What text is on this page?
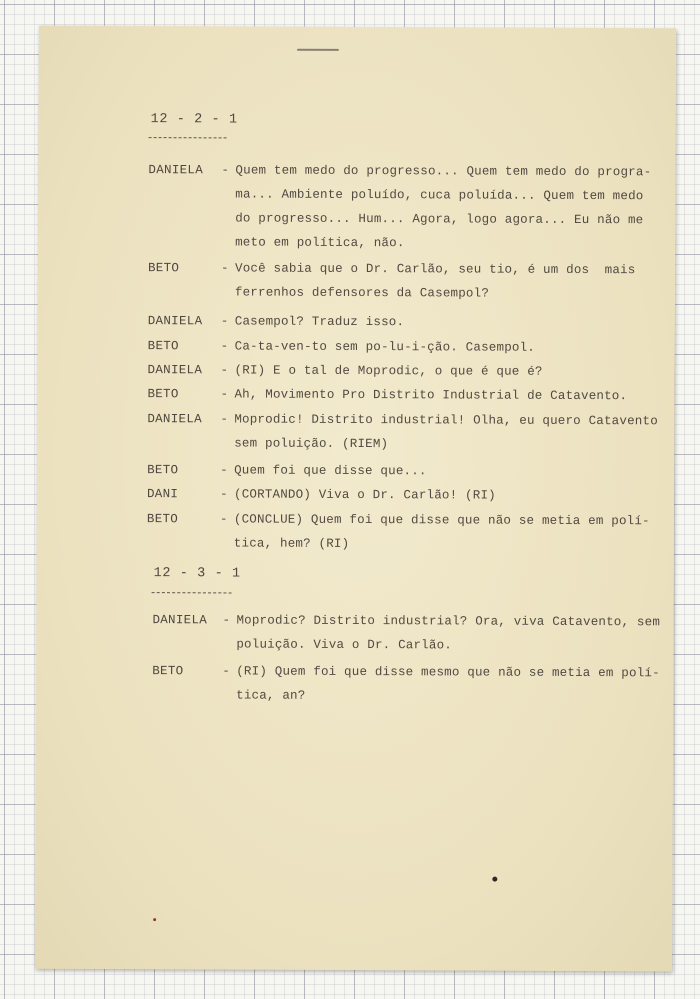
12 - 2 - 1
DANIELA - Quem tem medo do progresso... Quem tem medo do progra-
ma... Ambiente poluído, cuca poluída... Quem tem medo
do progresso... Hum... Agora, logo agora... Eu não me
meto em política, não.
BETO	- Você sabia que o Dr. Carlão, seu tio, é um dos  mais
ferrenhos defensores da Casempol?
DANIELA - Casempol? Traduz isso.
BETO	- Ca-ta-ven-to sem po-lu-i-ção. Casempol.
DANIELA - (RI) E o tal de Moprodic, o que é que é?
BETO	- Ah, Movimento Pro Distrito Industrial de Catavento.
DANIELA - Moprodic! Distrito industrial! Olha, eu quero Catavento
sem poluição. (RIEM)
BETO	- Quem foi que disse que...
DANI	- (CORTANDO) Viva o Dr. Carlão! (RI)
BETO	- (CONCLUE) Quem foi que disse que não se metia em polí-
tica, hem? (RI)
12 - 3 - 1
DANIELA - Moprodic? Distrito industrial? Ora, viva Catavento, sem
poluição. Viva o Dr. Carlão.
BETO	- (RI) Quem foi que disse mesmo que não se metia em polí-
tica, an?
